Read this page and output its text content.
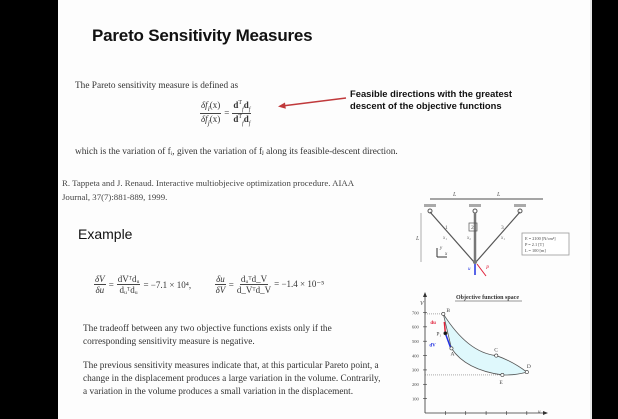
Pareto Sensitivity Measures
The Pareto sensitivity measure is defined as
$\frac{\delta f_i(x)}{\delta f_j(x)} = \frac{d^T_fd_f}{d^T_fd_f}$
Feasible directions with the greatest
descent of the objective functions
which is the variation of fᵢ, given the variation of fⱼ along its feasible-descent direction.
R. Tappeta and J. Renaud. Interactive multiobjecive optimization procedure. AIAA
Journal, 37(7):881-889, 1999.
Example
$\frac{\delta V}{\delta u} = \frac{\text{dVᵀdᵤ}}{\text{dᵤᵀdᵤ}} = -7.1 \times 10^4$,	$\frac{\delta u}{\delta V} = \frac{\text{dᵤᵀd\_V}}{\text{d\_Vᵀd\_V}} = -1.4 \times 10^{-5}$
The tradeoff between any two objective functions exists only if the corresponding sensitivity measure is negative.
The previous sensitivity measures indicate that, at this particular Pareto point, a change in the displacement produces a large variation in the volume. Contrarily, a variation in the volume produces a small variation in the displacement.
L	L
1	2	3
x₁	x₂	x₁
L
y
x
u	P
E = 2100 [N/cm²]
P = 2.1 [T]
L = 100 [m]
Objective function space
100
200
300
400
500
600
700
du
dV
B
P₁
A
C
D
E
V
u
